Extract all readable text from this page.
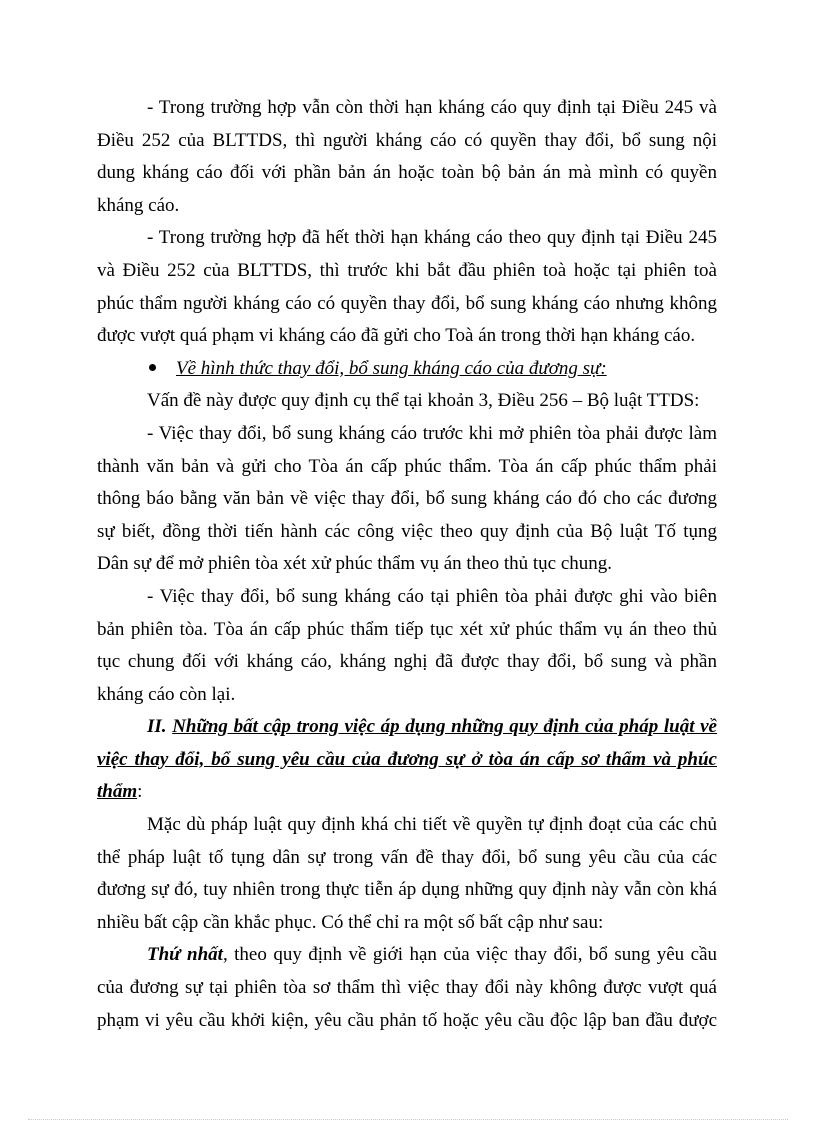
- Trong trường hợp vẫn còn thời hạn kháng cáo quy định tại Điều 245 và
Điều 252 của BLTTDS, thì người kháng cáo có quyền thay đổi, bổ sung nội
dung kháng cáo đối với phần bản án hoặc toàn bộ bản án mà mình có quyền
kháng cáo.
- Trong trường hợp đã hết thời hạn kháng cáo theo quy định tại Điều 245
và Điều 252 của BLTTDS, thì trước khi bắt đầu phiên toà hoặc tại phiên toà
phúc thẩm người kháng cáo có quyền thay đổi, bổ sung kháng cáo nhưng không
được vượt quá phạm vi kháng cáo đã gửi cho Toà án trong thời hạn kháng cáo.
Về hình thức thay đổi, bổ sung kháng cáo của đương sự:
Vấn đề này được quy định cụ thể tại khoản 3, Điều 256 – Bộ luật TTDS:
- Việc thay đổi, bổ sung kháng cáo trước khi mở phiên tòa phải được làm
thành văn bản và gửi cho Tòa án cấp phúc thẩm. Tòa án cấp phúc thẩm phải
thông báo bằng văn bản về việc thay đổi, bổ sung kháng cáo đó cho các đương
sự biết, đồng thời tiến hành các công việc theo quy định của Bộ luật Tố tụng
Dân sự để mở phiên tòa xét xử phúc thẩm vụ án theo thủ tục chung.
- Việc thay đổi, bổ sung kháng cáo tại phiên tòa phải được ghi vào biên
bản phiên tòa. Tòa án cấp phúc thẩm tiếp tục xét xử phúc thẩm vụ án theo thủ
tục chung đối với kháng cáo, kháng nghị đã được thay đổi, bổ sung và phần
kháng cáo còn lại.
II. Những bất cập trong việc áp dụng những quy định của pháp luật về
việc thay đổi, bổ sung yêu cầu của đương sự ở tòa án cấp sơ thẩm và phúc
thẩm:
Mặc dù pháp luật quy định khá chi tiết về quyền tự định đoạt của các chủ
thể pháp luật tố tụng dân sự trong vấn đề thay đổi, bổ sung yêu cầu của các
đương sự đó, tuy nhiên trong thực tiễn áp dụng những quy định này vẫn còn khá
nhiều bất cập cần khắc phục. Có thể chỉ ra một số bất cập như sau:
Thứ nhất, theo quy định về giới hạn của việc thay đổi, bổ sung yêu cầu
của đương sự tại phiên tòa sơ thẩm thì việc thay đổi này không được vượt quá
phạm vi yêu cầu khởi kiện, yêu cầu phản tố hoặc yêu cầu độc lập ban đầu được
